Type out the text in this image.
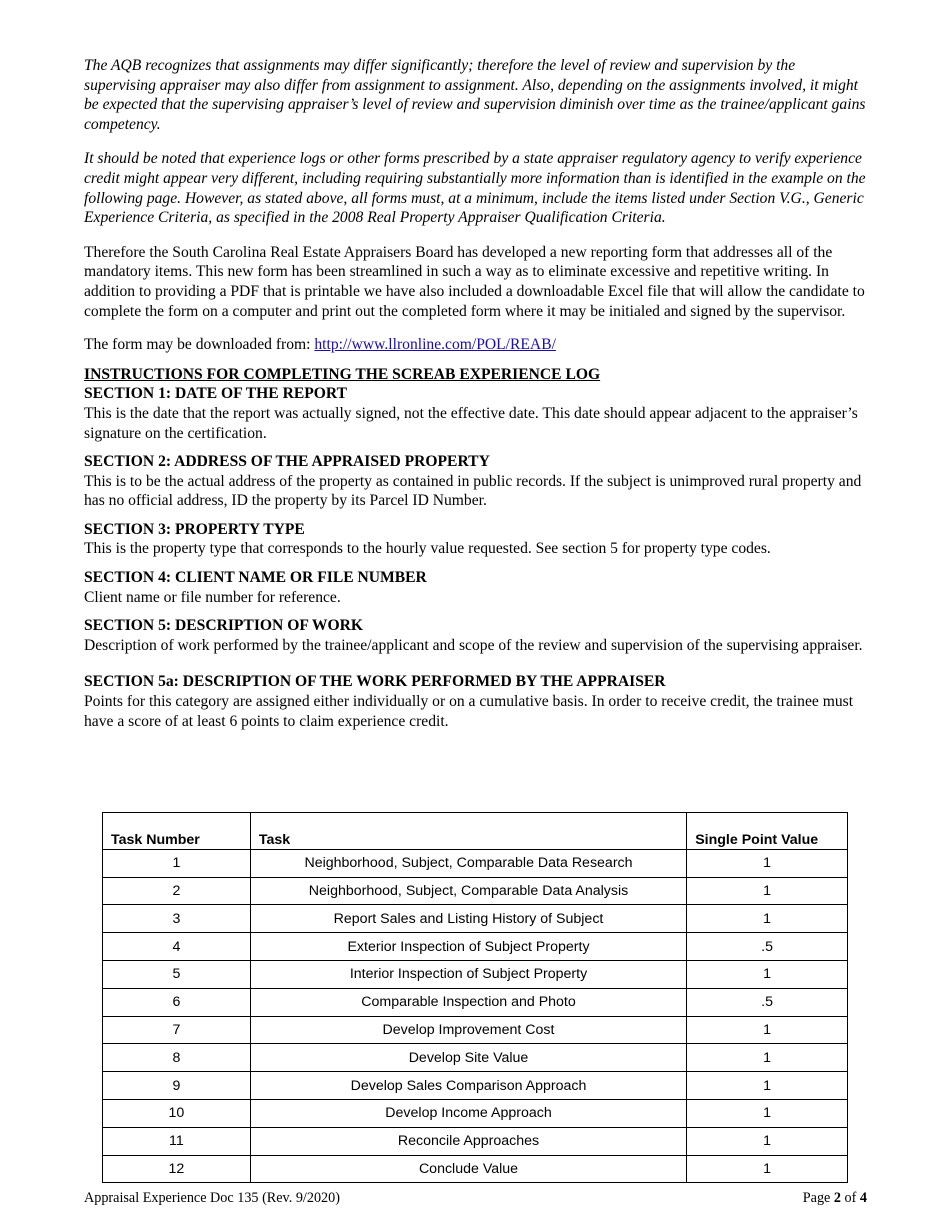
The AQB recognizes that assignments may differ significantly; therefore the level of review and supervision by the supervising appraiser may also differ from assignment to assignment. Also, depending on the assignments involved, it might be expected that the supervising appraiser’s level of review and supervision diminish over time as the trainee/applicant gains competency.

It should be noted that experience logs or other forms prescribed by a state appraiser regulatory agency to verify experience credit might appear very different, including requiring substantially more information than is identified in the example on the following page. However, as stated above, all forms must, at a minimum, include the items listed under Section V.G., Generic Experience Criteria, as specified in the 2008 Real Property Appraiser Qualification Criteria.

Therefore the South Carolina Real Estate Appraisers Board has developed a new reporting form that addresses all of the mandatory items. This new form has been streamlined in such a way as to eliminate excessive and repetitive writing. In addition to providing a PDF that is printable we have also included a downloadable Excel file that will allow the candidate to complete the form on a computer and print out the completed form where it may be initialed and signed by the supervisor.

The form may be downloaded from: http://www.llronline.com/POL/REAB/

INSTRUCTIONS FOR COMPLETING THE SCREAB EXPERIENCE LOG
SECTION 1: DATE OF THE REPORT
This is the date that the report was actually signed, not the effective date. This date should appear adjacent to the appraiser’s signature on the certification.
SECTION 2: ADDRESS OF THE APPRAISED PROPERTY
This is to be the actual address of the property as contained in public records. If the subject is unimproved rural property and has no official address, ID the property by its Parcel ID Number.
SECTION 3: PROPERTY TYPE
This is the property type that corresponds to the hourly value requested. See section 5 for property type codes.
SECTION 4: CLIENT NAME OR FILE NUMBER
Client name or file number for reference.
SECTION 5: DESCRIPTION OF WORK
Description of work performed by the trainee/applicant and scope of the review and supervision of the supervising appraiser.
SECTION 5a: DESCRIPTION OF THE WORK PERFORMED BY THE APPRAISER
Points for this category are assigned either individually or on a cumulative basis. In order to receive credit, the trainee must have a score of at least 6 points to claim experience credit.
Task Number	Task	Single Point Value
1	Neighborhood, Subject, Comparable Data Research	1
2	Neighborhood, Subject, Comparable Data Analysis	1
3	Report Sales and Listing History of Subject	1
4	Exterior Inspection of Subject Property	.5
5	Interior Inspection of Subject Property	1
6	Comparable Inspection and Photo	.5
7	Develop Improvement Cost	1
8	Develop Site Value	1
9	Develop Sales Comparison Approach	1
10	Develop Income Approach	1
11	Reconcile Approaches	1
12	Conclude Value	1
Appraisal Experience Doc 135 (Rev. 9/2020)	Page 2 of 4
